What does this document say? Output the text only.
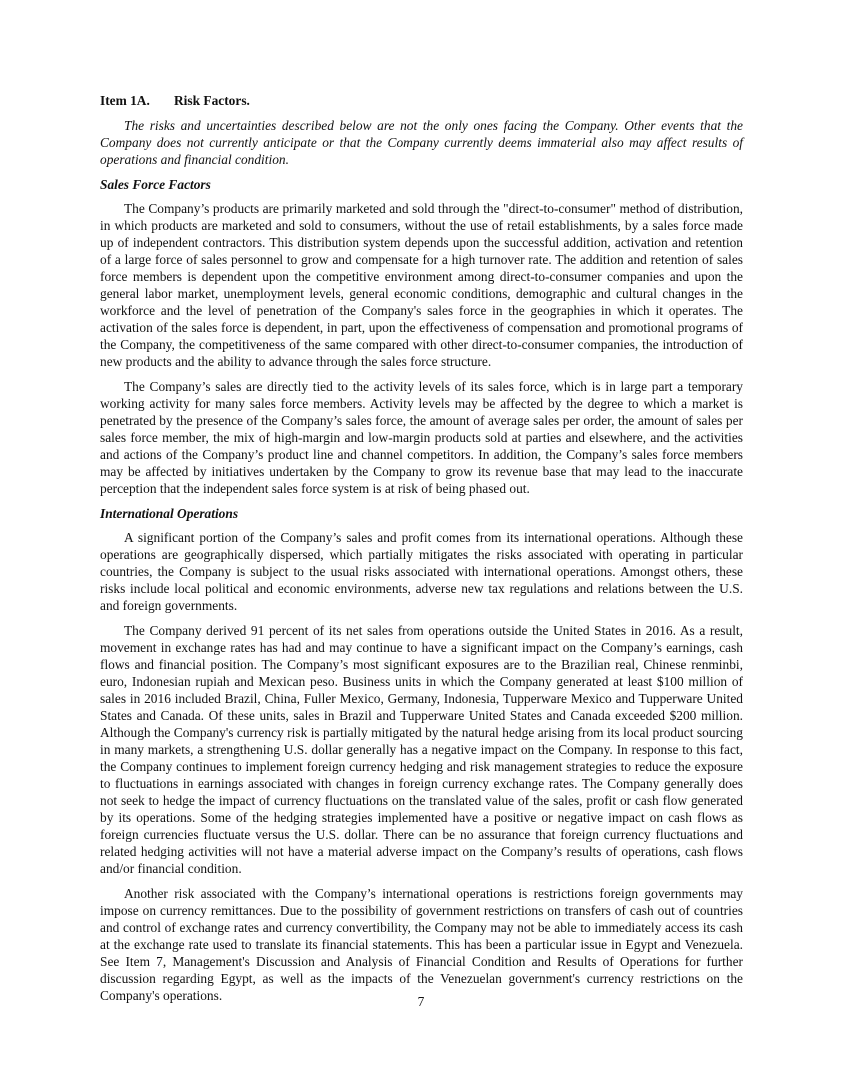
Item 1A. Risk Factors.

The risks and uncertainties described below are not the only ones facing the Company. Other events that the Company does not currently anticipate or that the Company currently deems immaterial also may affect results of operations and financial condition.

Sales Force Factors

The Company’s products are primarily marketed and sold through the "direct-to-consumer" method of distribution, in which products are marketed and sold to consumers, without the use of retail establishments, by a sales force made up of independent contractors. This distribution system depends upon the successful addition, activation and retention of a large force of sales personnel to grow and compensate for a high turnover rate. The addition and retention of sales force members is dependent upon the competitive environment among direct-to-consumer companies and upon the general labor market, unemployment levels, general economic conditions, demographic and cultural changes in the workforce and the level of penetration of the Company's sales force in the geographies in which it operates. The activation of the sales force is dependent, in part, upon the effectiveness of compensation and promotional programs of the Company, the competitiveness of the same compared with other direct-to-consumer companies, the introduction of new products and the ability to advance through the sales force structure.

The Company’s sales are directly tied to the activity levels of its sales force, which is in large part a temporary working activity for many sales force members. Activity levels may be affected by the degree to which a market is penetrated by the presence of the Company’s sales force, the amount of average sales per order, the amount of sales per sales force member, the mix of high-margin and low-margin products sold at parties and elsewhere, and the activities and actions of the Company’s product line and channel competitors. In addition, the Company’s sales force members may be affected by initiatives undertaken by the Company to grow its revenue base that may lead to the inaccurate perception that the independent sales force system is at risk of being phased out.

International Operations

A significant portion of the Company’s sales and profit comes from its international operations. Although these operations are geographically dispersed, which partially mitigates the risks associated with operating in particular countries, the Company is subject to the usual risks associated with international operations. Amongst others, these risks include local political and economic environments, adverse new tax regulations and relations between the U.S. and foreign governments.

The Company derived 91 percent of its net sales from operations outside the United States in 2016. As a result, movement in exchange rates has had and may continue to have a significant impact on the Company’s earnings, cash flows and financial position. The Company’s most significant exposures are to the Brazilian real, Chinese renminbi, euro, Indonesian rupiah and Mexican peso. Business units in which the Company generated at least $100 million of sales in 2016 included Brazil, China, Fuller Mexico, Germany, Indonesia, Tupperware Mexico and Tupperware United States and Canada. Of these units, sales in Brazil and Tupperware United States and Canada exceeded $200 million. Although the Company's currency risk is partially mitigated by the natural hedge arising from its local product sourcing in many markets, a strengthening U.S. dollar generally has a negative impact on the Company. In response to this fact, the Company continues to implement foreign currency hedging and risk management strategies to reduce the exposure to fluctuations in earnings associated with changes in foreign currency exchange rates. The Company generally does not seek to hedge the impact of currency fluctuations on the translated value of the sales, profit or cash flow generated by its operations. Some of the hedging strategies implemented have a positive or negative impact on cash flows as foreign currencies fluctuate versus the U.S. dollar. There can be no assurance that foreign currency fluctuations and related hedging activities will not have a material adverse impact on the Company’s results of operations, cash flows and/or financial condition.

Another risk associated with the Company’s international operations is restrictions foreign governments may impose on currency remittances. Due to the possibility of government restrictions on transfers of cash out of countries and control of exchange rates and currency convertibility, the Company may not be able to immediately access its cash at the exchange rate used to translate its financial statements. This has been a particular issue in Egypt and Venezuela. See Item 7, Management's Discussion and Analysis of Financial Condition and Results of Operations for further discussion regarding Egypt, as well as the impacts of the Venezuelan government's currency restrictions on the Company's operations.	7
